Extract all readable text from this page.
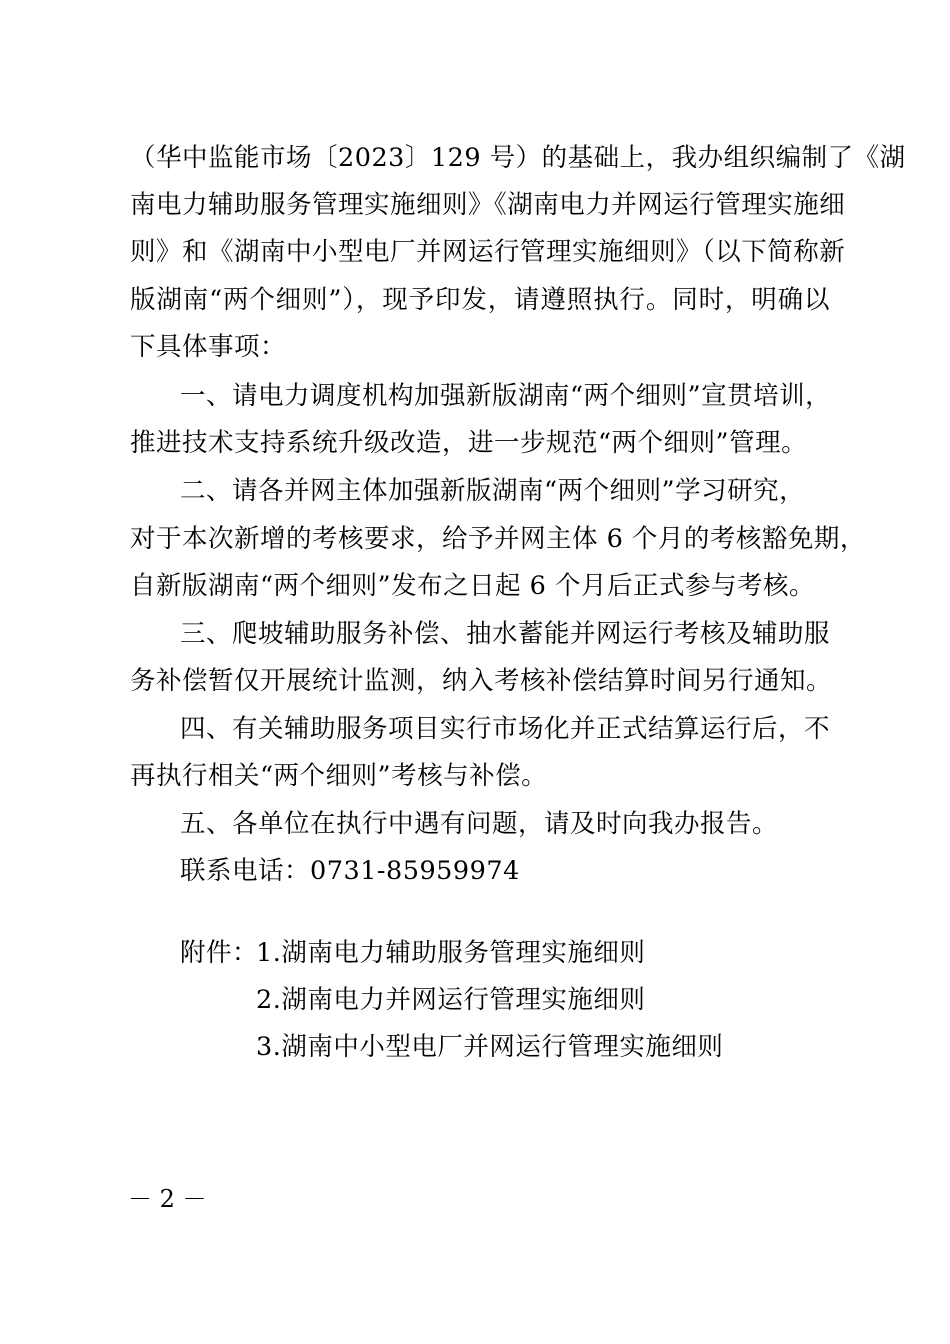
（华中监能市场〔2023〕129 号）的基础上，我办组织编制了《湖
南电力辅助服务管理实施细则》《湖南电力并网运行管理实施细
则》和《湖南中小型电厂并网运行管理实施细则》（以下简称新
版湖南“两个细则”），现予印发，请遵照执行。同时，明确以
下具体事项：
一、请电力调度机构加强新版湖南“两个细则”宣贯培训，
推进技术支持系统升级改造，进一步规范“两个细则”管理。
二、请各并网主体加强新版湖南“两个细则”学习研究，
对于本次新增的考核要求，给予并网主体 6 个月的考核豁免期，
自新版湖南“两个细则”发布之日起 6 个月后正式参与考核。
三、爬坡辅助服务补偿、抽水蓄能并网运行考核及辅助服
务补偿暂仅开展统计监测，纳入考核补偿结算时间另行通知。
四、有关辅助服务项目实行市场化并正式结算运行后，不
再执行相关“两个细则”考核与补偿。
五、各单位在执行中遇有问题，请及时向我办报告。
联系电话：0731-85959974
附件：
1.湖南电力辅助服务管理实施细则
2.湖南电力并网运行管理实施细则
3.湖南中小型电厂并网运行管理实施细则
－ 2 －
